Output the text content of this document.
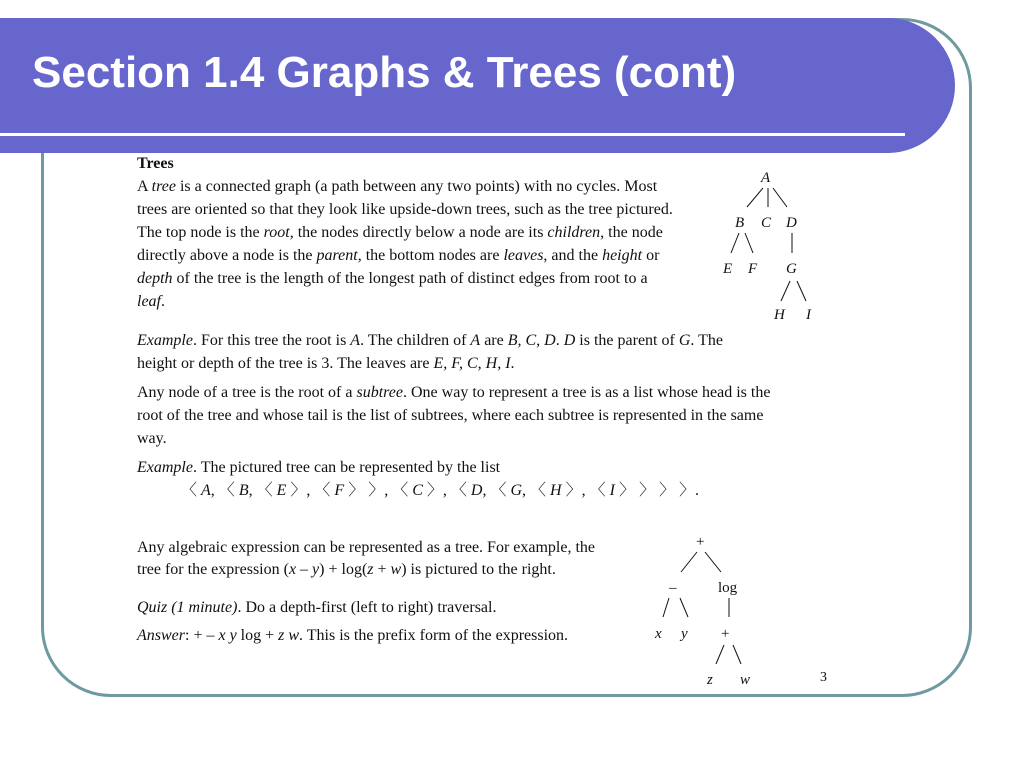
Section 1.4 Graphs & Trees (cont)

Trees

A tree is a connected graph (a path between any two points) with no cycles. Most trees are oriented so that they look like upside-down trees, such as the tree pictured.

The top node is the root, the nodes directly below a node are its children, the node directly above a node is the parent, the bottom nodes are leaves, and the height or depth of the tree is the length of the longest path of distinct edges from root to a leaf.

Example. For this tree the root is A. The children of A are B, C, D. D is the parent of G. The height or depth of the tree is 3. The leaves are E, F, C, H, I.

Any node of a tree is the root of a subtree. One way to represent a tree is as a list whose head is the root of the tree and whose tail is the list of subtrees, where each subtree is represented in the same way.

Example. The pictured tree can be represented by the list

〈 A, 〈 B, 〈 E 〉, 〈 F 〉 〉, 〈 C 〉, 〈 D, 〈 G, 〈 H 〉, 〈 I 〉 〉 〉 〉.

Any algebraic expression can be represented as a tree. For example, the tree for the expression (x – y) + log(z + w) is pictured to the right.

Quiz (1 minute). Do a depth-first (left to right) traversal.

Answer: + – x y log + z w. This is the prefix form of the expression.

A
B C D
E F G
H I
+
–	log
x y +
z w	3
